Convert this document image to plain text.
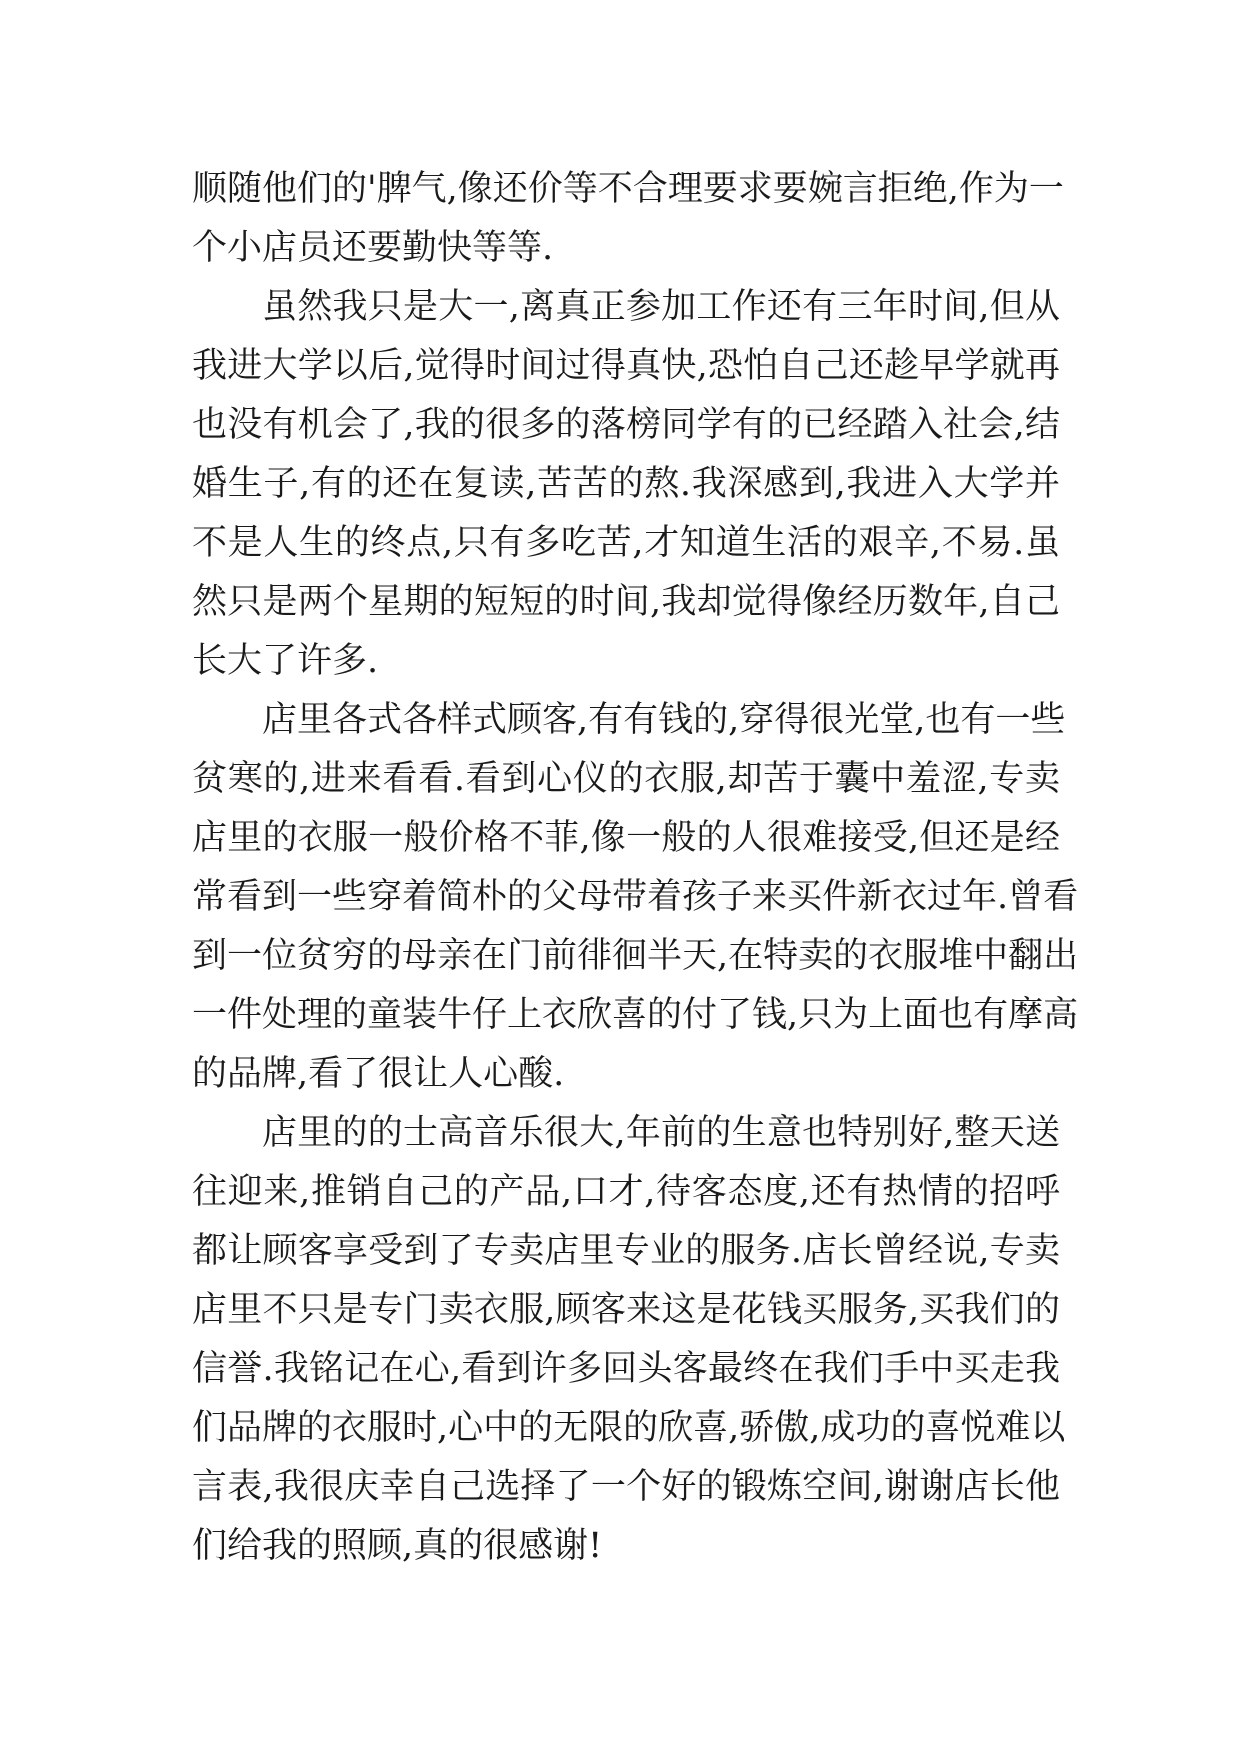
顺随他们的'脾气,像还价等不合理要求要婉言拒绝,作为一
个小店员还要勤快等等.
虽然我只是大一,离真正参加工作还有三年时间,但从
我进大学以后,觉得时间过得真快,恐怕自己还趁早学就再
也没有机会了,我的很多的落榜同学有的已经踏入社会,结
婚生子,有的还在复读,苦苦的熬.我深感到,我进入大学并
不是人生的终点,只有多吃苦,才知道生活的艰辛,不易.虽
然只是两个星期的短短的时间,我却觉得像经历数年,自己
长大了许多.
店里各式各样式顾客,有有钱的,穿得很光堂,也有一些
贫寒的,进来看看.看到心仪的衣服,却苦于囊中羞涩,专卖
店里的衣服一般价格不菲,像一般的人很难接受,但还是经
常看到一些穿着简朴的父母带着孩子来买件新衣过年.曾看
到一位贫穷的母亲在门前徘徊半天,在特卖的衣服堆中翻出
一件处理的童装牛仔上衣欣喜的付了钱,只为上面也有摩高
的品牌,看了很让人心酸.
店里的的士高音乐很大,年前的生意也特别好,整天送
往迎来,推销自己的产品,口才,待客态度,还有热情的招呼
都让顾客享受到了专卖店里专业的服务.店长曾经说,专卖
店里不只是专门卖衣服,顾客来这是花钱买服务,买我们的
信誉.我铭记在心,看到许多回头客最终在我们手中买走我
们品牌的衣服时,心中的无限的欣喜,骄傲,成功的喜悦难以
言表,我很庆幸自己选择了一个好的锻炼空间,谢谢店长他
们给我的照顾,真的很感谢!
